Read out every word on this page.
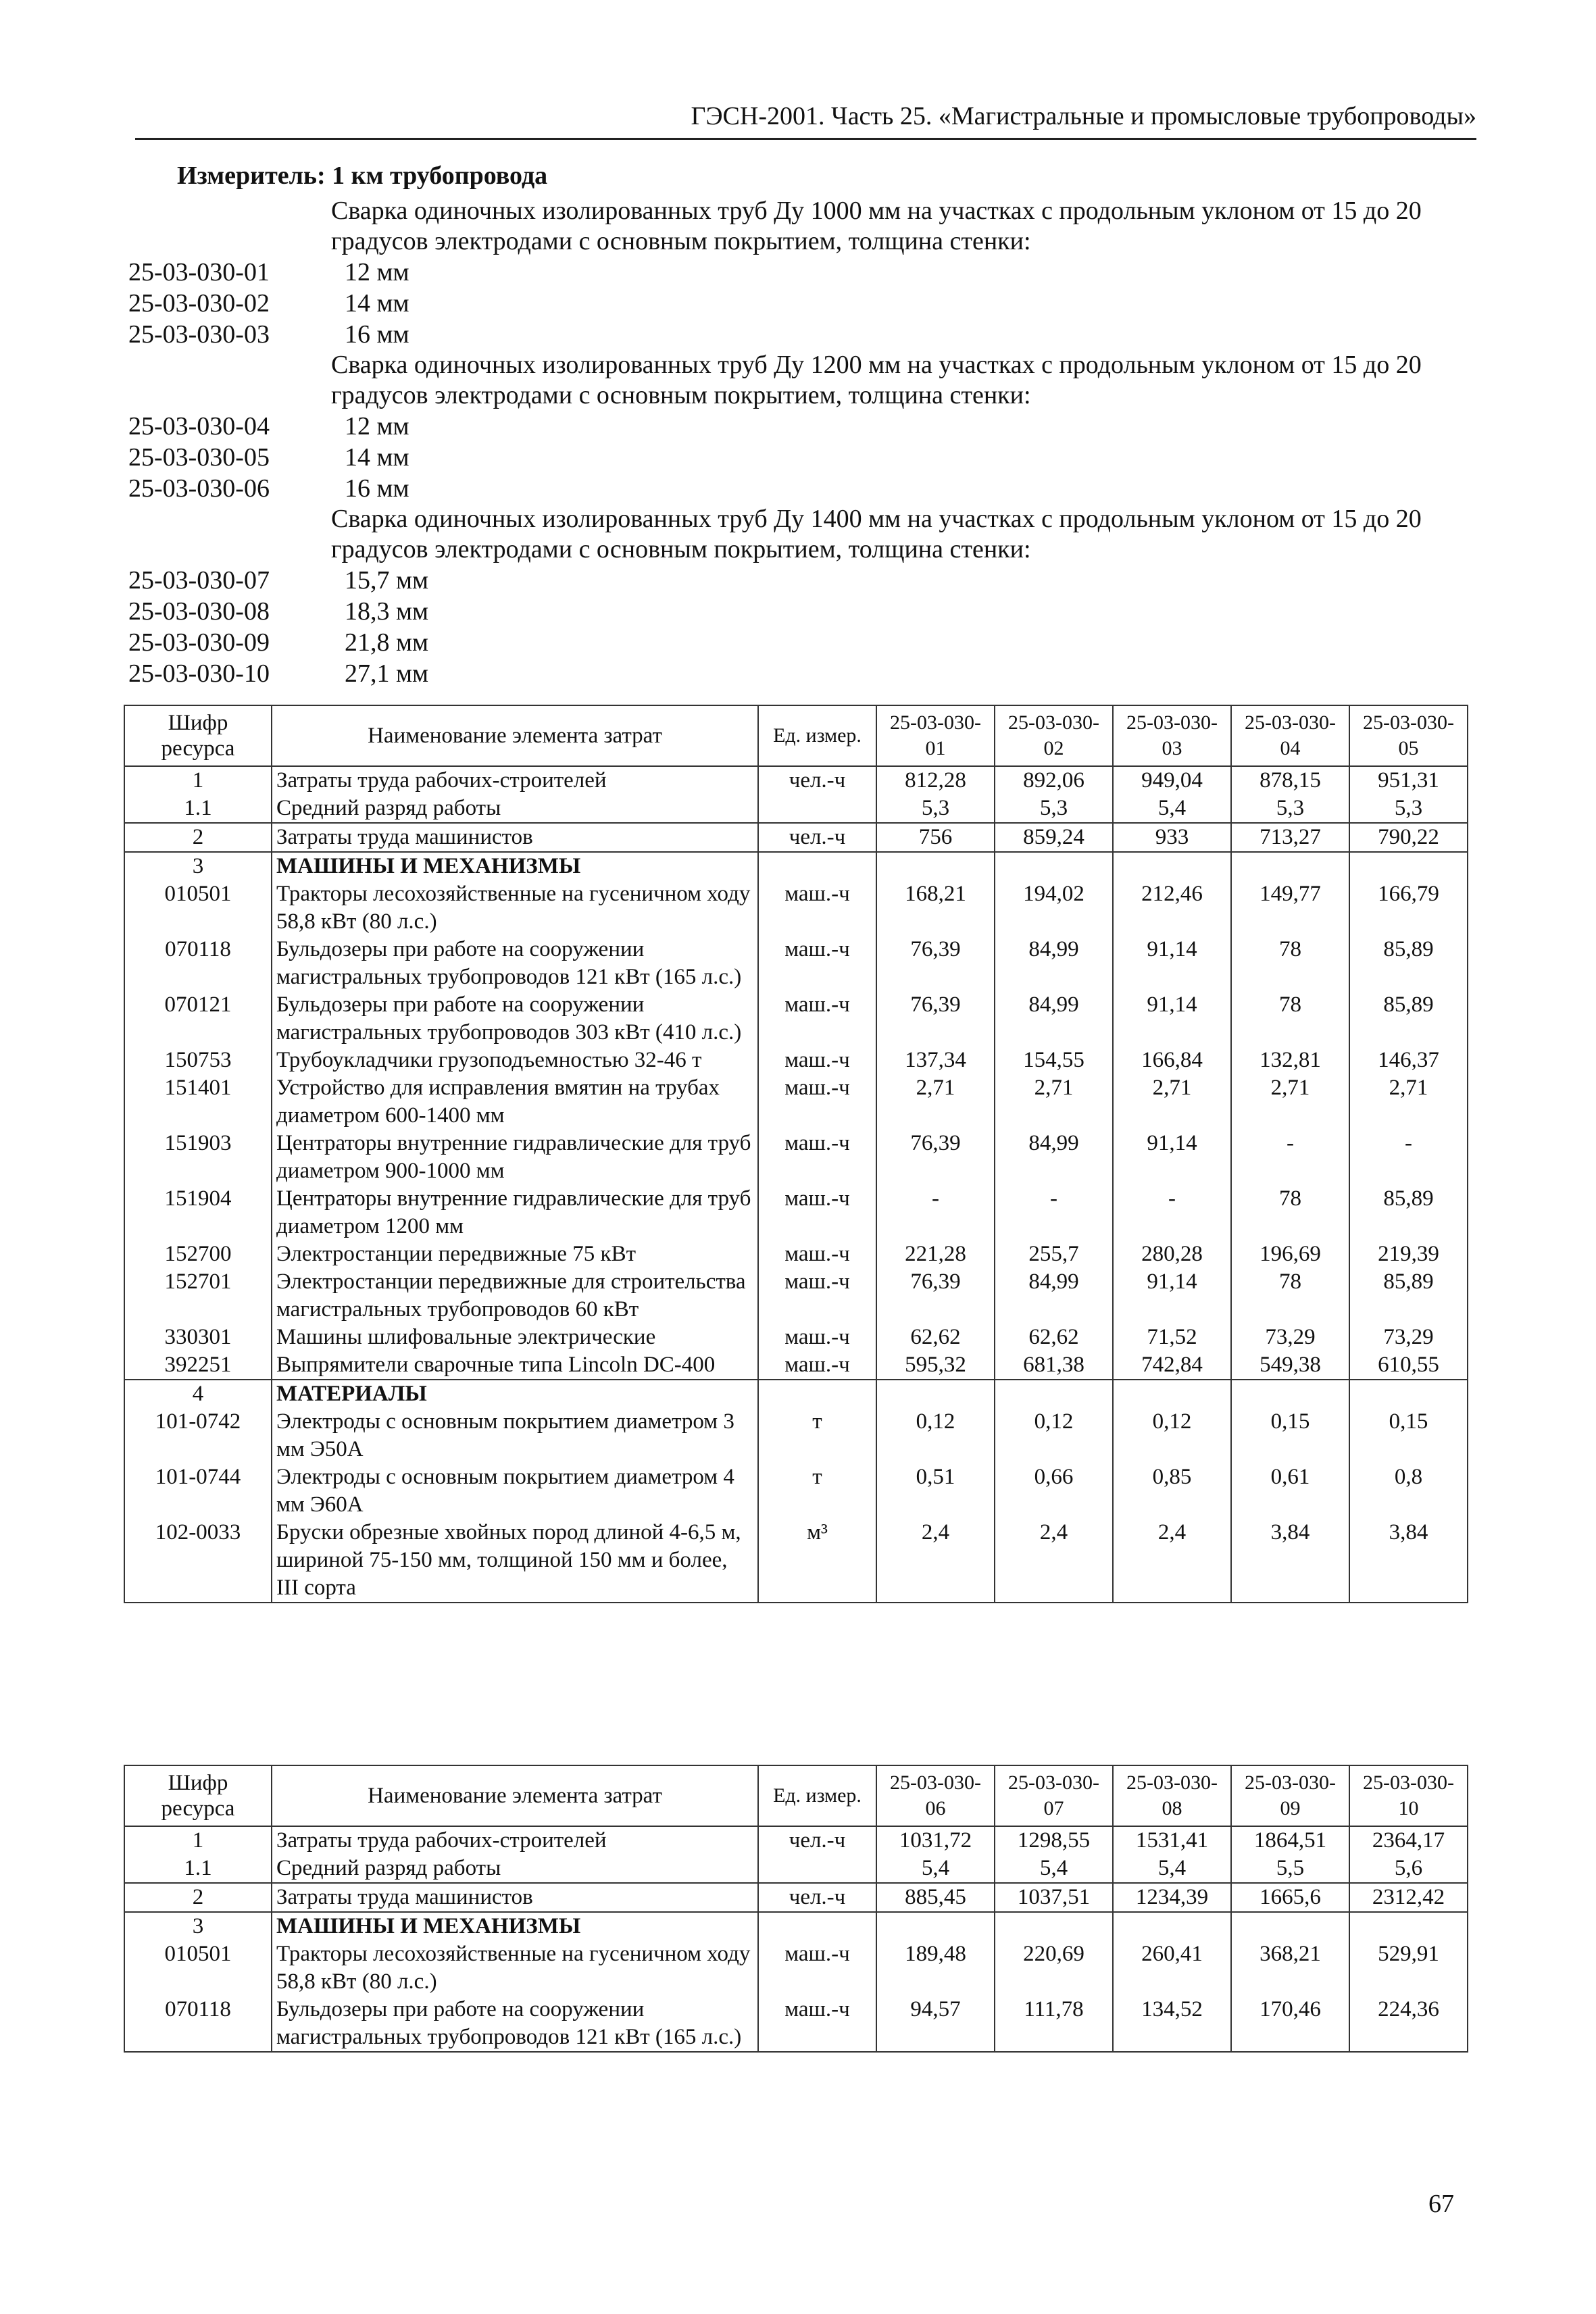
ГЭСН-2001. Часть 25. «Магистральные и промысловые трубопроводы»
Измеритель: 1 км трубопровода
Сварка одиночных изолированных труб Ду 1000 мм на участках с продольным уклоном от 15 до 20 градусов электродами с основным покрытием, толщина стенки:
25-03-030-01	12 мм
25-03-030-02	14 мм
25-03-030-03	16 мм
Сварка одиночных изолированных труб Ду 1200 мм на участках с продольным уклоном от 15 до 20 градусов электродами с основным покрытием, толщина стенки:
25-03-030-04	12 мм
25-03-030-05	14 мм
25-03-030-06	16 мм
Сварка одиночных изолированных труб Ду 1400 мм на участках с продольным уклоном от 15 до 20 градусов электродами с основным покрытием, толщина стенки:
25-03-030-07	15,7 мм
25-03-030-08	18,3 мм
25-03-030-09	21,8 мм
25-03-030-10	27,1 мм
Шифр ресурса	Наименование элемента затрат	Ед. измер.	25-03-030-01	25-03-030-02	25-03-030-03	25-03-030-04	25-03-030-05
1	Затраты труда рабочих-строителей	чел.-ч	812,28	892,06	949,04	878,15	951,31
1.1	Средний разряд работы		5,3	5,3	5,4	5,3	5,3
2	Затраты труда машинистов	чел.-ч	756	859,24	933	713,27	790,22
3	МАШИНЫ И МЕХАНИЗМЫ						
010501	Тракторы лесохозяйственные на гусеничном ходу 58,8 кВт (80 л.с.)	маш.-ч	168,21	194,02	212,46	149,77	166,79
070118	Бульдозеры при работе на сооружении магистральных трубопроводов 121 кВт (165 л.с.)	маш.-ч	76,39	84,99	91,14	78	85,89
070121	Бульдозеры при работе на сооружении магистральных трубопроводов 303 кВт (410 л.с.)	маш.-ч	76,39	84,99	91,14	78	85,89
150753	Трубоукладчики грузоподъемностью 32-46 т	маш.-ч	137,34	154,55	166,84	132,81	146,37
151401	Устройство для исправления вмятин на трубах диаметром 600-1400 мм	маш.-ч	2,71	2,71	2,71	2,71	2,71
151903	Центраторы внутренние гидравлические для труб диаметром 900-1000 мм	маш.-ч	76,39	84,99	91,14	-	-
151904	Центраторы внутренние гидравлические для труб диаметром 1200 мм	маш.-ч	-	-	-	78	85,89
152700	Электростанции передвижные 75 кВт	маш.-ч	221,28	255,7	280,28	196,69	219,39
152701	Электростанции передвижные для строительства магистральных трубопроводов 60 кВт	маш.-ч	76,39	84,99	91,14	78	85,89
330301	Машины шлифовальные электрические	маш.-ч	62,62	62,62	71,52	73,29	73,29
392251	Выпрямители сварочные типа Lincoln DC-400	маш.-ч	595,32	681,38	742,84	549,38	610,55
4	МАТЕРИАЛЫ						
101-0742	Электроды с основным покрытием диаметром 3 мм Э50А	т	0,12	0,12	0,12	0,15	0,15
101-0744	Электроды с основным покрытием диаметром 4 мм Э60А	т	0,51	0,66	0,85	0,61	0,8
102-0033	Бруски обрезные хвойных пород длиной 4-6,5 м, шириной 75-150 мм, толщиной 150 мм и более, III сорта	м³	2,4	2,4	2,4	3,84	3,84
Шифр ресурса	Наименование элемента затрат	Ед. измер.	25-03-030-06	25-03-030-07	25-03-030-08	25-03-030-09	25-03-030-10
1	Затраты труда рабочих-строителей	чел.-ч	1031,72	1298,55	1531,41	1864,51	2364,17
1.1	Средний разряд работы		5,4	5,4	5,4	5,5	5,6
2	Затраты труда машинистов	чел.-ч	885,45	1037,51	1234,39	1665,6	2312,42
3	МАШИНЫ И МЕХАНИЗМЫ						
010501	Тракторы лесохозяйственные на гусеничном ходу 58,8 кВт (80 л.с.)	маш.-ч	189,48	220,69	260,41	368,21	529,91
070118	Бульдозеры при работе на сооружении магистральных трубопроводов 121 кВт (165 л.с.)	маш.-ч	94,57	111,78	134,52	170,46	224,36
67
